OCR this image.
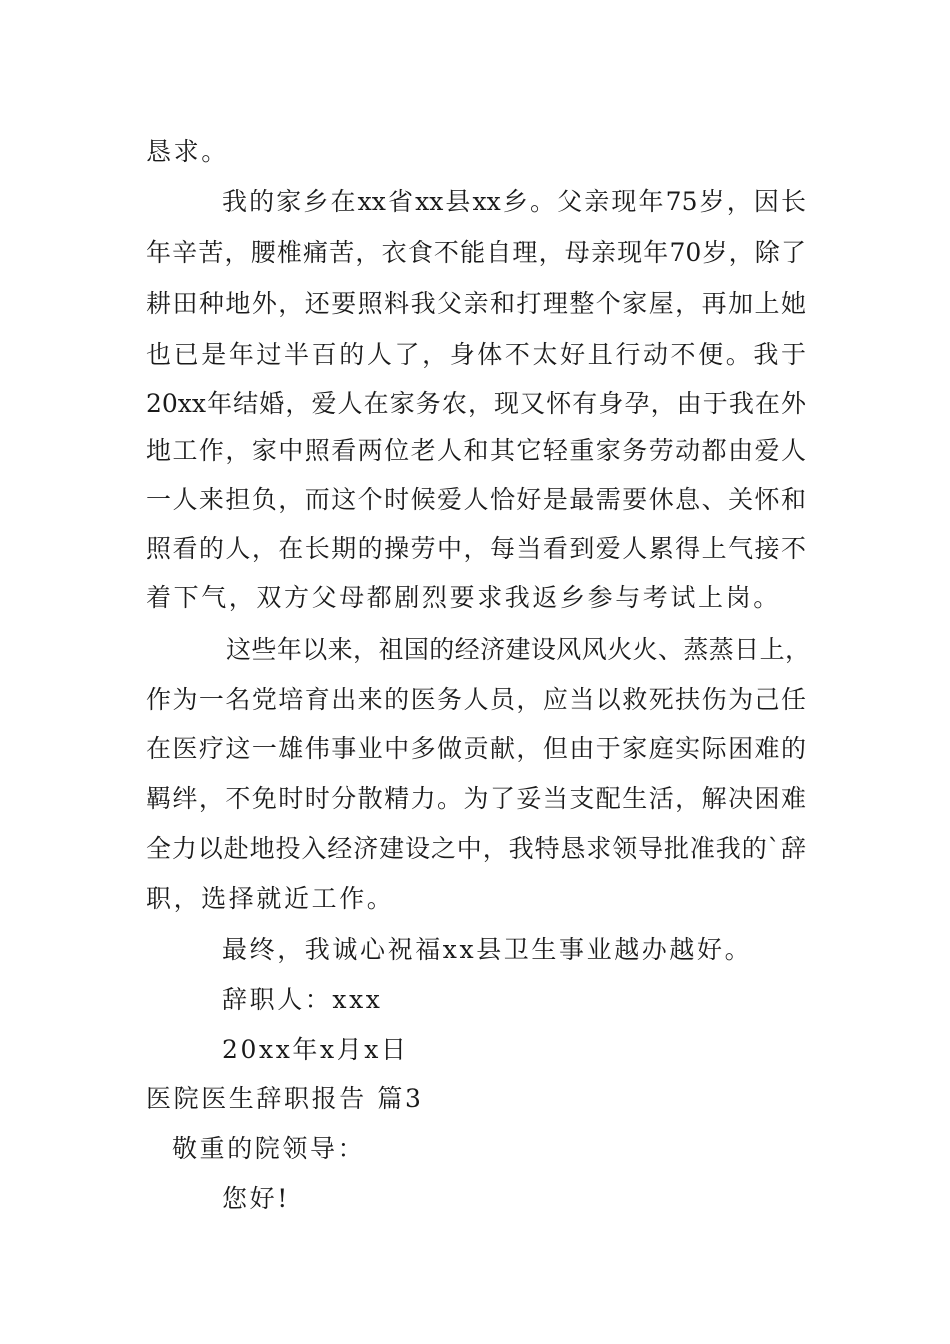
恳求。
我的家乡在xx省xx县xx乡。父亲现年75岁，因长
年辛苦，腰椎痛苦，衣食不能自理，母亲现年70岁，除了
耕田种地外，还要照料我父亲和打理整个家屋，再加上她
也已是年过半百的人了，身体不太好且行动不便。我于
20xx年结婚，爱人在家务农，现又怀有身孕，由于我在外
地工作，家中照看两位老人和其它轻重家务劳动都由爱人
一人来担负，而这个时候爱人恰好是最需要休息、关怀和
照看的人，在长期的操劳中，每当看到爱人累得上气接不
着下气，双方父母都剧烈要求我返乡参与考试上岗。
这些年以来，祖国的经济建设风风火火、蒸蒸日上，
作为一名党培育出来的医务人员，应当以救死扶伤为己任
在医疗这一雄伟事业中多做贡献，但由于家庭实际困难的
羁绊，不免时时分散精力。为了妥当支配生活，解决困难
全力以赴地投入经济建设之中，我特恳求领导批准我的`辞
职，选择就近工作。
最终，我诚心祝福xx县卫生事业越办越好。
辞职人：xxx
20xx年x月x日
医院医生辞职报告 篇3
敬重的院领导：
您好!
